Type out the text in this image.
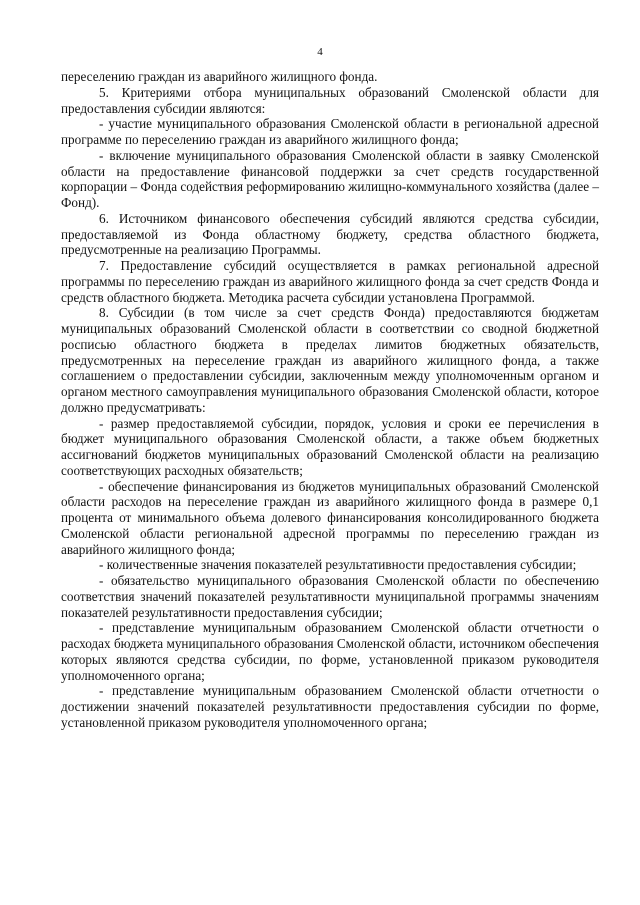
4

переселению граждан из аварийного жилищного фонда.

5. Критериями отбора муниципальных образований Смоленской области для предоставления субсидии являются:

- участие муниципального образования Смоленской области в региональной адресной программе по переселению граждан из аварийного жилищного фонда;

- включение муниципального образования Смоленской области в заявку Смоленской области на предоставление финансовой поддержки за счет средств государственной корпорации – Фонда содействия реформированию жилищно-коммунального хозяйства (далее – Фонд).

6. Источником финансового обеспечения субсидий являются средства субсидии, предоставляемой из Фонда областному бюджету, средства областного бюджета, предусмотренные на реализацию Программы.

7. Предоставление субсидий осуществляется в рамках региональной адресной программы по переселению граждан из аварийного жилищного фонда за счет средств Фонда и средств областного бюджета. Методика расчета субсидии установлена Программой.

8. Субсидии (в том числе за счет средств Фонда) предоставляются бюджетам муниципальных образований Смоленской области в соответствии со сводной бюджетной росписью областного бюджета в пределах лимитов бюджетных обязательств, предусмотренных на переселение граждан из аварийного жилищного фонда, а также соглашением о предоставлении субсидии, заключенным между уполномоченным органом и органом местного самоуправления муниципального образования Смоленской области, которое должно предусматривать:

- размер предоставляемой субсидии, порядок, условия и сроки ее перечисления в бюджет муниципального образования Смоленской области, а также объем бюджетных ассигнований бюджетов муниципальных образований Смоленской области на реализацию соответствующих расходных обязательств;

- обеспечение финансирования из бюджетов муниципальных образований Смоленской области расходов на переселение граждан из аварийного жилищного фонда в размере 0,1 процента от минимального объема долевого финансирования консолидированного бюджета Смоленской области региональной адресной программы по переселению граждан из аварийного жилищного фонда;

- количественные значения показателей результативности предоставления субсидии;

- обязательство муниципального образования Смоленской области по обеспечению соответствия значений показателей результативности муниципальной программы значениям показателей результативности предоставления субсидии;

- представление муниципальным образованием Смоленской области отчетности о расходах бюджета муниципального образования Смоленской области, источником обеспечения которых являются средства субсидии, по форме, установленной приказом руководителя уполномоченного органа;

- представление муниципальным образованием Смоленской области отчетности о достижении значений показателей результативности предоставления субсидии по форме, установленной приказом руководителя уполномоченного органа;
